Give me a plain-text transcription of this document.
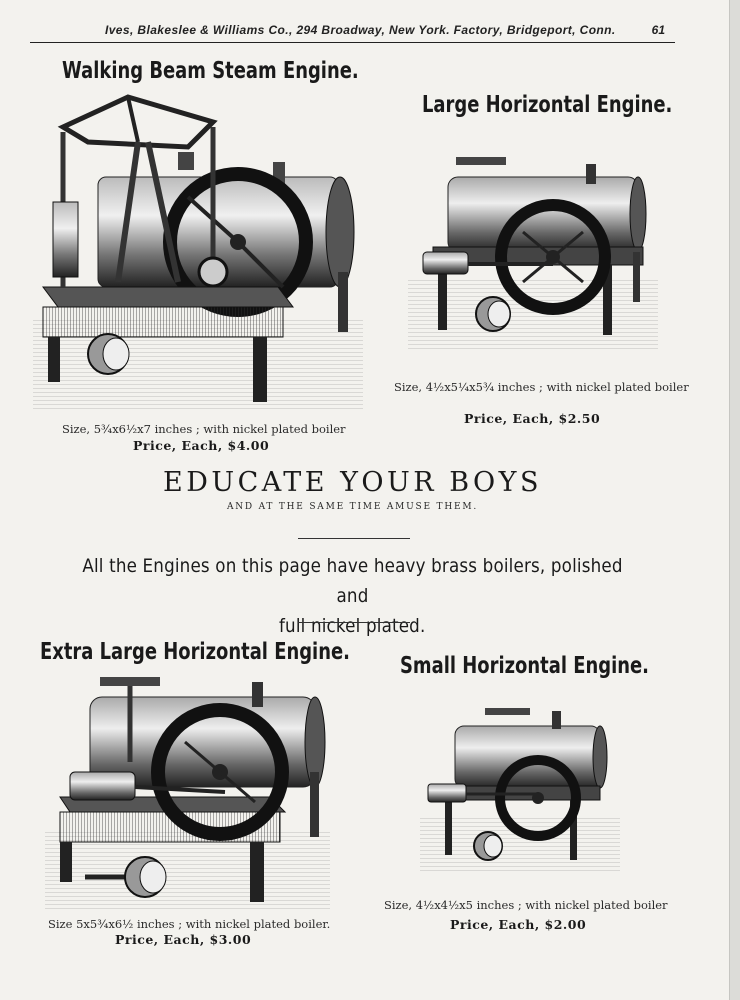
Ives, Blakeslee & Williams Co., 294 Broadway, New York. Factory, Bridgeport, Conn.	61
Walking Beam Steam Engine.
Size, 5¾x6½x7 inches ; with nickel plated boiler
Price, Each, $4.00
Large Horizontal Engine.
Size, 4½x5¼x5¾ inches ; with nickel plated boiler
Price, Each, $2.50
EDUCATE YOUR BOYS
AND AT THE SAME TIME AMUSE THEM.
All the Engines on this page have heavy brass boilers, polished and
full nickel plated.
Extra Large Horizontal Engine.
Size 5x5¾x6½ inches ; with nickel plated boiler.
Price, Each, $3.00
Small Horizontal Engine.
Size, 4½x4½x5 inches ; with nickel plated boiler
Price, Each, $2.00
